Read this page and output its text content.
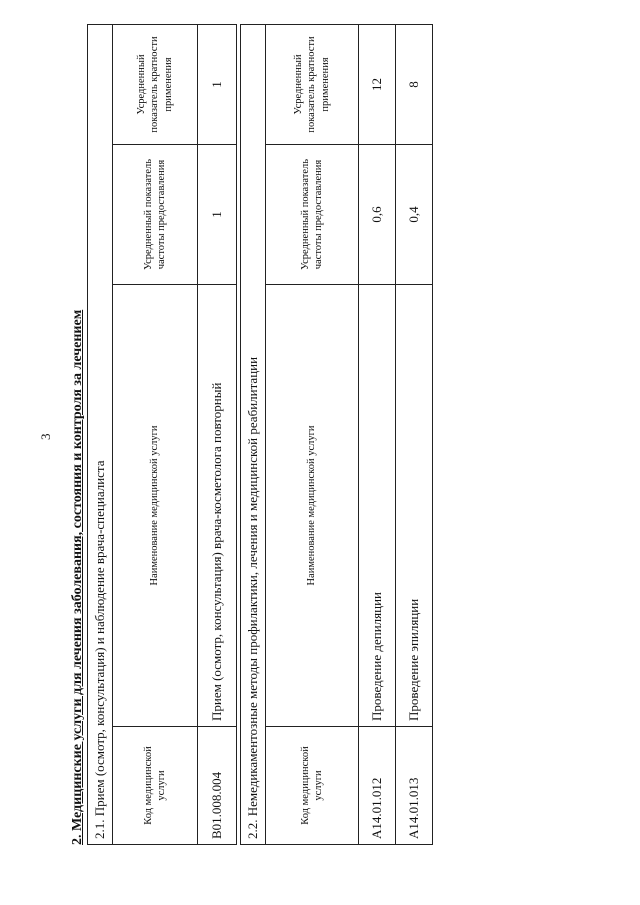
3 2. Медицинские услуги для лечения заболевания, состояния и контроля за лечением 2.1. Прием (осмотр, консультация) и наблюдение врача-специалиста			
Код медицинской услуги	Наименование медицинской услуги	Усредненный показатель частоты предоставления	Усредненный показатель кратности применения
B01.008.004	Прием (осмотр, консультация) врача-косметолога повторный	1	1
2.2. Немедикаментозные методы профилактики, лечения и медицинской реабилитации			
Код медицинской услуги	Наименование медицинской услуги	Усредненный показатель частоты предоставления	Усредненный показатель кратности применения
A14.01.012	Проведение депиляции	0,6	12
A14.01.013	Проведение эпиляции	0,4	8
